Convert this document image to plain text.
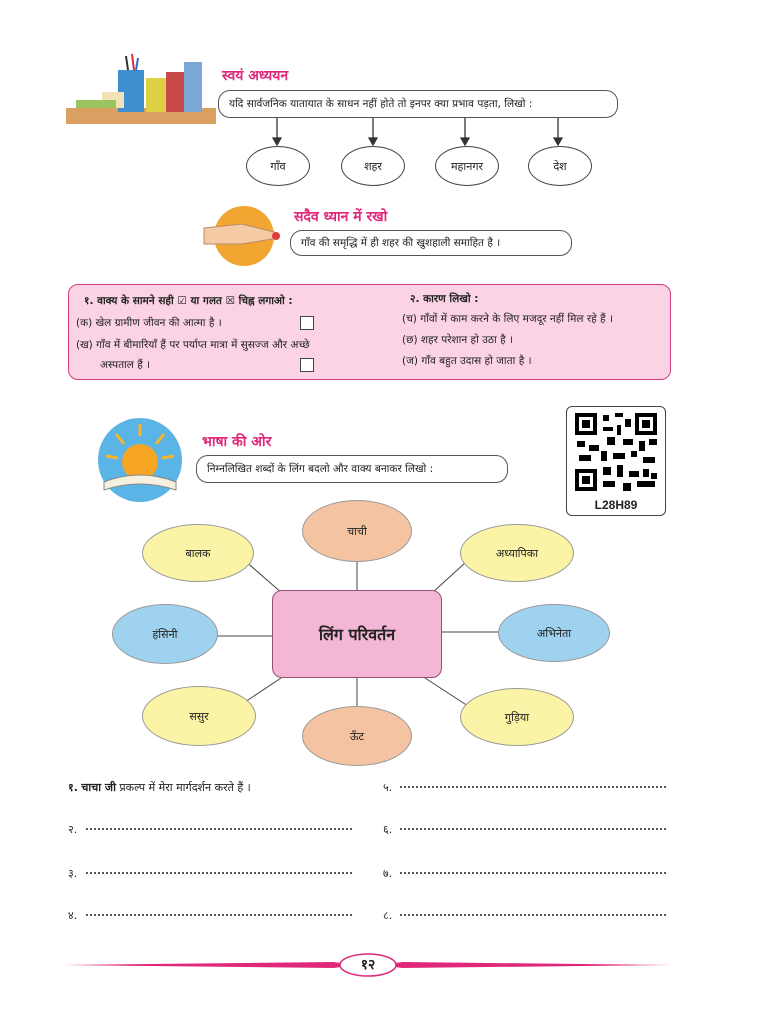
स्वयं अध्ययन
यदि सार्वजनिक यातायात के साधन नहीं होते तो इनपर क्या प्रभाव पड़ता, लिखो :
गाँव	शहर	महानगर	देश
सदैव ध्यान में रखो
गाँव की समृद्धि में ही शहर की खुशहाली समाहित है ।
१. वाक्य के सामने सही ☑ या गलत ☒ चिह्न लगाओ :
(क) खेल ग्रामीण जीवन की आत्मा है ।
(ख) गाँव में बीमारियाँ हैं पर पर्याप्त मात्रा में सुसज्ज और अच्छे
अस्पताल हैं ।
२. कारण लिखो :
(च) गाँवों में काम करने के लिए मजदूर नहीं मिल रहे हैं ।
(छ) शहर परेशान हो उठा है ।
(ज) गाँव बहुत उदास हो जाता है ।
भाषा की ओर
निम्नलिखित शब्दों के लिंग बदलो और वाक्य बनाकर लिखो :
L28H89
लिंग परिवर्तन
चाची
अध्यापिका
अभिनेता
गुड़िया
ऊँट
ससुर
हंसिनी
बालक
१. चाचा जी प्रकल्प में मेरा मार्गदर्शन करते हैं ।
२.
३.
४.
५.
६.
७.
८.
१२
